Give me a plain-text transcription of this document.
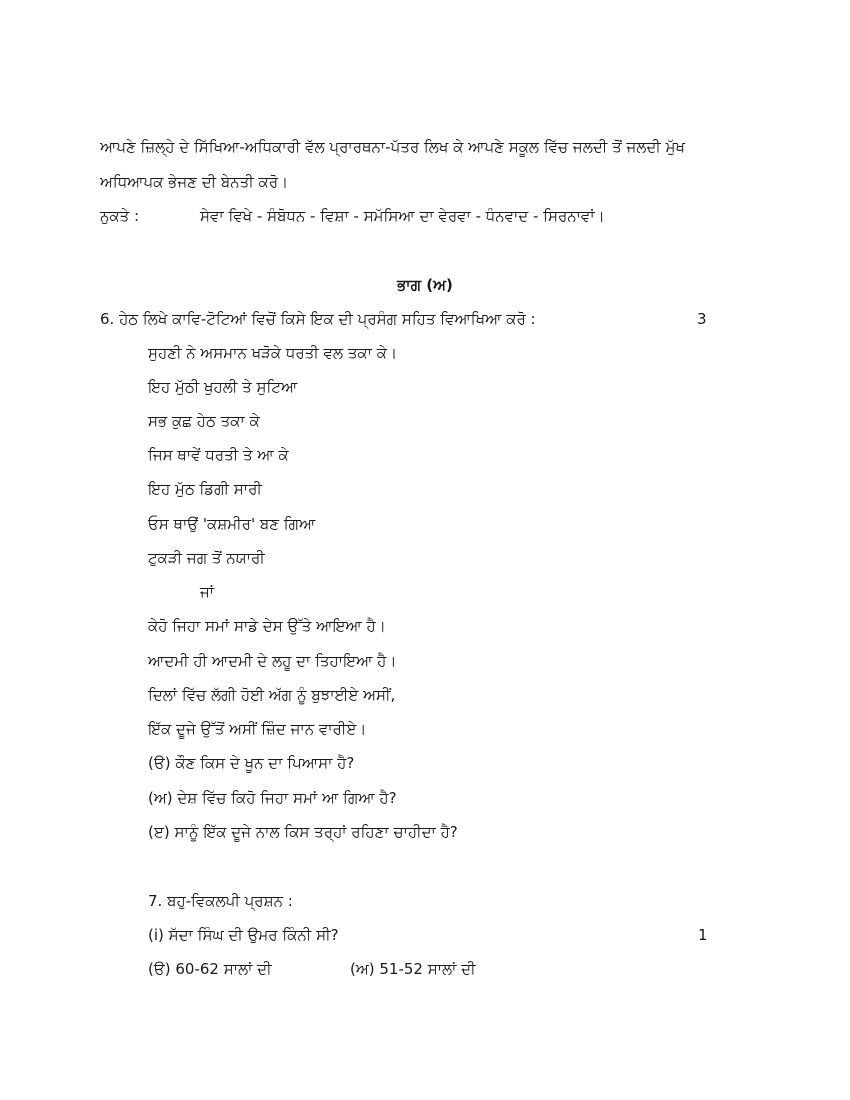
ਆਪਣੇ ਜ਼ਿਲ੍ਹੇ ਦੇ ਸਿੱਖਿਆ-ਅਧਿਕਾਰੀ ਵੱਲ ਪ੍ਰਾਰਥਨਾ-ਪੱਤਰ ਲਿਖ ਕੇ ਆਪਣੇ ਸਕੂਲ ਵਿੱਚ ਜਲਦੀ ਤੋਂ ਜਲਦੀ ਮੁੱਖ
ਅਧਿਆਪਕ ਭੇਜਣ ਦੀ ਬੇਨਤੀ ਕਰੋ।
ਨੁਕਤੇ :	ਸੇਵਾ ਵਿਖੇ - ਸੰਬੋਧਨ - ਵਿਸ਼ਾ - ਸਮੱਸਿਆ ਦਾ ਵੇਰਵਾ - ਧੰਨਵਾਦ - ਸਿਰਨਾਵਾਂ।
ਭਾਗ (ਅ)
6. ਹੇਠ ਲਿਖੇ ਕਾਵਿ-ਟੋਟਿਆਂ ਵਿਚੋਂ ਕਿਸੇ ਇਕ ਦੀ ਪ੍ਰਸੰਗ ਸਹਿਤ ਵਿਆਖਿਆ ਕਰੋ :	3
ਸੁਹਣੀ ਨੇ ਅਸਮਾਨ ਖੜੋਕੇ ਧਰਤੀ ਵਲ ਤਕਾ ਕੇ।
ਇਹ ਮੁੱਠੀ ਖੁਹਲੀ ਤੇ ਸੁਟਿਆ
ਸਭ ਕੁਛ ਹੇਠ ਤਕਾ ਕੇ
ਜਿਸ ਥਾਵੇਂ ਧਰਤੀ ਤੇ ਆ ਕੇ
ਇਹ ਮੁੱਠ ਡਿਗੀ ਸਾਰੀ
ਓਸ ਥਾਉਂ 'ਕਸ਼ਮੀਰ' ਬਣ ਗਿਆ
ਟੁਕੜੀ ਜਗ ਤੋਂ ਨਯਾਰੀ
ਜਾਂ
ਕੇਹੋ ਜਿਹਾ ਸਮਾਂ ਸਾਡੇ ਦੇਸ ਉੱਤੇ ਆਇਆ ਹੈ।
ਆਦਮੀ ਹੀ ਆਦਮੀ ਦੇ ਲਹੂ ਦਾ ਤਿਹਾਇਆ ਹੈ।
ਦਿਲਾਂ ਵਿੱਚ ਲੱਗੀ ਹੋਈ ਅੱਗ ਨੂੰ ਬੁਝਾਈਏ ਅਸੀਂ,
ਇੱਕ ਦੂਜੇ ਉੱਤੋਂ ਅਸੀਂ ਜ਼ਿੰਦ ਜਾਨ ਵਾਰੀਏ।
(ੳ) ਕੌਣ ਕਿਸ ਦੇ ਖੂਨ ਦਾ ਪਿਆਸਾ ਹੈ?
(ਅ) ਦੇਸ਼ ਵਿੱਚ ਕਿਹੋ ਜਿਹਾ ਸਮਾਂ ਆ ਗਿਆ ਹੈ?
(ੲ) ਸਾਨੂੰ ਇੱਕ ਦੂਜੇ ਨਾਲ ਕਿਸ ਤਰ੍ਹਾਂ ਰਹਿਣਾ ਚਾਹੀਦਾ ਹੈ?
7. ਬਹੁ-ਵਿਕਲਪੀ ਪ੍ਰਸ਼ਨ :
(i) ਸੱਦਾ ਸਿੰਘ ਦੀ ਉਮਰ ਕਿੰਨੀ ਸੀ?	1
(ੳ) 60-62 ਸਾਲਾਂ ਦੀ	(ਅ) 51-52 ਸਾਲਾਂ ਦੀ
